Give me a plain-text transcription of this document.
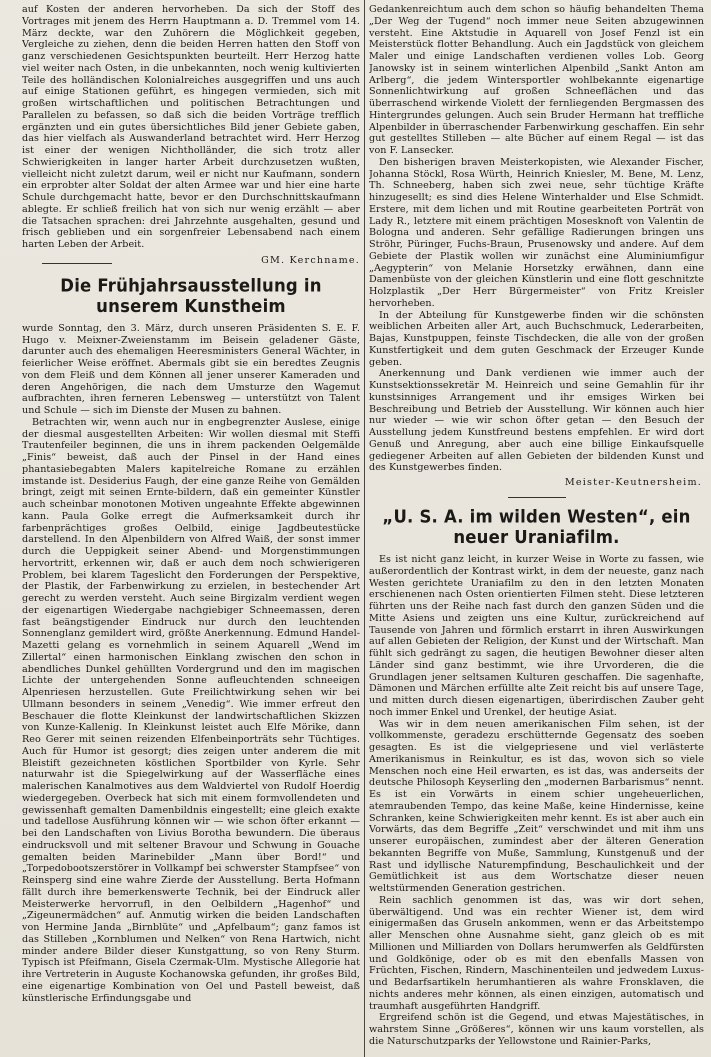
auf Kosten der anderen hervorheben. Da sich der Stoff des Vortrages mit jenem des Herrn Hauptmann a. D. Tremmel vom 14. März deckte, war den Zuhörern die Möglichkeit gegeben, Vergleiche zu ziehen, denn die beiden Herren hatten den Stoff von ganz verschiedenen Gesichtspunkten beurteilt. Herr Herzog hatte viel weiter nach Osten, in die unbekannten, noch wenig kultivierten Teile des holländischen Kolonialreiches ausgegriffen und uns auch auf einige Stationen geführt, es hingegen vermieden, sich mit großen wirtschaftlichen und politischen Betrachtungen und Parallelen zu befassen, so daß sich die beiden Vorträge trefflich ergänzten und ein gutes übersichtliches Bild jener Gebiete gaben, das hier vielfach als Auswanderland betrachtet wird. Herr Herzog ist einer der wenigen Nichtholländer, die sich trotz aller Schwierigkeiten in langer harter Arbeit durchzusetzen wußten, vielleicht nicht zuletzt darum, weil er nicht nur Kaufmann, sondern ein erprobter alter Soldat der alten Armee war und hier eine harte Schule durchgemacht hatte, bevor er den Durchschnittskaufmann ablegte. Er schließ freilich hat von sich nur wenig erzählt — aber die Tatsachen sprachen: drei Jahrzehnte ausgehalten, gesund und frisch geblieben und ein sorgenfreier Lebensabend nach einem harten Leben der Arbeit.

GM. Kerchname.
Die Frühjahrsausstellung in unserem Kunstheim

wurde Sonntag, den 3. März, durch unseren Präsidenten S. E. F. Hugo v. Meixner-Zweienstamm im Beisein geladener Gäste, darunter auch des ehemaligen Heeresministers General Wächter, in feierlicher Weise eröffnet. Abermals gibt sie ein beredtes Zeugnis von dem Fleiß und dem Können all jener unserer Kameraden und deren Angehörigen, die nach dem Umsturze den Wagemut aufbrachten, ihren ferneren Lebensweg — unterstützt von Talent und Schule — sich im Dienste der Musen zu bahnen.

Betrachten wir, wenn auch nur in engbegrenzter Auslese, einige der diesmal ausgestellten Arbeiten: Wir wollen diesmal mit Steffi Trautenfeiler beginnen, die uns in ihrem packenden Oelgemälde „Finis“ beweist, daß auch der Pinsel in der Hand eines phantasiebegabten Malers kapitelreiche Romane zu erzählen imstande ist. Desiderius Faugh, der eine ganze Reihe von Gemälden bringt, zeigt mit seinen Ernte-bildern, daß ein gemeinter Künstler auch scheinbar monotonen Motiven ungeahnte Effekte abgewinnen kann. Paula Golke erregt die Aufmerksamkeit durch ihr farbenprächtiges großes Oelbild, einige Jagdbeutestücke darstellend. In den Alpenbildern von Alfred Waiß, der sonst immer durch die Ueppigkeit seiner Abend- und Morgenstimmungen hervortritt, erkennen wir, daß er auch dem noch schwierigeren Problem, bei klarem Tageslicht den Forderungen der Perspektive, der Plastik, der Farbenwirkung zu erzielen, in bestechender Art gerecht zu werden versteht. Auch seine Birgizalm verdient wegen der eigenartigen Wiedergabe nachgiebiger Schneemassen, deren fast beängstigender Eindruck nur durch den leuchtenden Sonnenglanz gemildert wird, größte Anerkennung. Edmund Handel-Mazetti gelang es vornehmlich in seinem Aquarell „Wend im Zillertal“ einen harmonischen Einklang zwischen den schon in abendliches Dunkel gehüllten Vordergrund und den im magischen Lichte der untergehenden Sonne aufleuchtenden schneeigen Alpenriesen herzustellen. Gute Freilichtwirkung sehen wir bei Ullmann besonders in seinem „Venedig“. Wie immer erfreut den Beschauer die flotte Kleinkunst der landwirtschaftlichen Skizzen von Kunze-Kallenig. In Kleinkunst leistet auch Elfe Mörike, dann Reo Gerer mit seinen reizenden Elfenbeinporträts sehr Tüchtiges. Auch für Humor ist gesorgt; dies zeigen unter anderem die mit Bleistift gezeichneten köstlichen Sportbilder von Kyrle. Sehr naturwahr ist die Spiegelwirkung auf der Wasserfläche eines malerischen Kanalmotives aus dem Waldviertel von Rudolf Hoerdig wiedergegeben. Overbeck hat sich mit einem formvollendeten und gewissenhaft gemalten Damenbildnis eingestellt; eine gleich exakte und tadellose Ausführung können wir — wie schon öfter erkannt — bei den Landschaften von Livius Borotha bewundern. Die überaus eindrucksvoll und mit seltener Bravour und Schwung in Gouache gemalten beiden Marinebilder „Mann über Bord!“ und „Torpedobootszerstörer in Vollkampf bei schwerster Stampfsee“ von Reinsperg sind eine wahre Zierde der Ausstellung. Berta Hofmann fällt durch ihre bemerkenswerte Technik, bei der Eindruck aller Meisterwerke hervorrufl, in den Oelbildern „Hagenhof“ und „Zigeunermädchen“ auf. Anmutig wirken die beiden Landschaften von Hermine Janda „Birnblüte“ und „Apfelbaum“; ganz famos ist das Stilleben „Kornblumen und Nelken“ von Rena Hartwich, nicht minder andere Bilder dieser Kunstgattung, so von Reny Sturm. Typisch ist Pfeifmann, Gisela Czermak-Ulm. Mystische Allegorie hat ihre Vertreterin in Auguste Kochanowska gefunden, ihr großes Bild, eine eigenartige Kombination von Oel und Pastell beweist, daß künstlerische Erfindungsgabe und

Gedankenreichtum auch dem schon so häufig behandelten Thema „Der Weg der Tugend“ noch immer neue Seiten abzugewinnen versteht. Eine Aktstudie in Aquarell von Josef Fenzl ist ein Meisterstück flotter Behandlung. Auch ein Jagdstück von gleichem Maler und einige Landschaften verdienen volles Lob. Georg Janowsky ist in seinem winterlichen Alpenbild „Sankt Anton am Arlberg“, die jedem Wintersportler wohlbekannte eigenartige Sonnenlichtwirkung auf großen Schneeflächen und das überraschend wirkende Violett der fernliegenden Bergmassen des Hintergrundes gelungen. Auch sein Bruder Hermann hat treffliche Alpenbilder in überraschender Farbenwirkung geschaffen. Ein sehr gut gestelltes Stilleben — alte Bücher auf einem Regal — ist das von F. Lansecker.

Den bisherigen braven Meisterkopisten, wie Alexander Fischer, Johanna Stöckl, Rosa Würth, Heinrich Kniesler, M. Bene, M. Lenz, Th. Schneeberg, haben sich zwei neue, sehr tüchtige Kräfte hinzugesellt; es sind dies Helene Winterhalder und Else Schmidt. Erstere, mit dem lichen und mit Routine gearbeiteten Porträt von Lady R., letztere mit einem prächtigen Mosesknoft von Valentin de Bologna und anderen. Sehr gefällige Radierungen bringen uns Ströhr, Püringer, Fuchs-Braun, Prusenowsky und andere. Auf dem Gebiete der Plastik wollen wir zunächst eine Aluminiumfigur „Aegypterin“ von Melanie Horsetzky erwähnen, dann eine Damenbüste von der gleichen Künstlerin und eine flott geschnitzte Holzplastik „Der Herr Bürgermeister“ von Fritz Kreisler hervorheben.

In der Abteilung für Kunstgewerbe finden wir die schönsten weiblichen Arbeiten aller Art, auch Buchschmuck, Lederarbeiten, Bajas, Kunstpuppen, feinste Tischdecken, die alle von der großen Kunstfertigkeit und dem guten Geschmack der Erzeuger Kunde geben.

Anerkennung und Dank verdienen wie immer auch der Kunstsektionssekretär M. Heinreich und seine Gemahlin für ihr kunstsinniges Arrangement und ihr emsiges Wirken bei Beschreibung und Betrieb der Ausstellung. Wir können auch hier nur wieder — wie wir schon öfter getan — den Besuch der Ausstellung jedem Kunstfreund bestens empfehlen. Er wird dort Genuß und Anregung, aber auch eine billige Einkaufsquelle gediegener Arbeiten auf allen Gebieten der bildenden Kunst und des Kunstgewerbes finden.

Meister-Keutnersheim.
„U. S. A. im wilden Westen“, ein neuer Uraniafilm.

Es ist nicht ganz leicht, in kurzer Weise in Worte zu fassen, wie außerordentlich der Kontrast wirkt, in dem der neueste, ganz nach Westen gerichtete Uraniafilm zu den in den letzten Monaten erschienenen nach Osten orientierten Filmen steht. Diese letzteren führten uns der Reihe nach fast durch den ganzen Süden und die Mitte Asiens und zeigten uns eine Kultur, zurückreichend auf Tausende von Jahren und förmlich erstarrt in ihren Auswirkungen auf allen Gebieten der Religion, der Kunst und der Wirtschaft. Man fühlt sich gedrängt zu sagen, die heutigen Bewohner dieser alten Länder sind ganz bestimmt, wie ihre Urvorderen, die die Grundlagen jener seltsamen Kulturen geschaffen. Die sagenhafte, Dämonen und Märchen erfüllte alte Zeit reicht bis auf unsere Tage, und mitten durch diesen eigenartigen, überirdischen Zauber geht noch immer Enkel und Urenkel, der heutige Asiat.

Was wir in dem neuen amerikanischen Film sehen, ist der vollkommenste, geradezu erschütternde Gegensatz des soeben gesagten. Es ist die vielgepriesene und viel verlästerte Amerikanismus in Reinkultur, es ist das, wovon sich so viele Menschen noch eine Heil erwarten, es ist das, was anderseits der deutsche Philosoph Keyserling den „modernen Barbarismus“ nennt. Es ist ein Vorwärts in einem schier ungeheuerlichen, atemraubenden Tempo, das keine Maße, keine Hindernisse, keine Schranken, keine Schwierigkeiten mehr kennt. Es ist aber auch ein Vorwärts, das dem Begriffe „Zeit“ verschwindet und mit ihm uns unserer europäischen, zumindest aber der älteren Generation bekannten Begriffe von Muße, Sammlung, Kunstgenuß und der Rast und idyllische Naturempfindung, Beschaulichkeit und der Gemütlichkeit ist aus dem Wortschatze dieser neuen weltstürmenden Generation gestrichen.

Rein sachlich genommen ist das, was wir dort sehen, überwältigend. Und was ein rechter Wiener ist, dem wird einigermaßen das Gruseln ankommen, wenn er das Arbeitstempo aller Menschen ohne Ausnahme sieht, ganz gleich ob es mit Millionen und Milliarden von Dollars herumwerfen als Geldfürsten und Goldkönige, oder ob es mit den ebenfalls Massen von Früchten, Fischen, Rindern, Maschinenteilen und jedwedem Luxus- und Bedarfsartikeln herumhantieren als wahre Fronsklaven, die nichts anderes mehr können, als einen einzigen, automatisch und traumhaft ausgeführten Handgriff.

Ergreifend schön ist die Gegend, und etwas Majestätisches, in wahrstem Sinne „Größeres“, können wir uns kaum vorstellen, als die Naturschutzparks der Yellowstone und Rainier-Parks,
